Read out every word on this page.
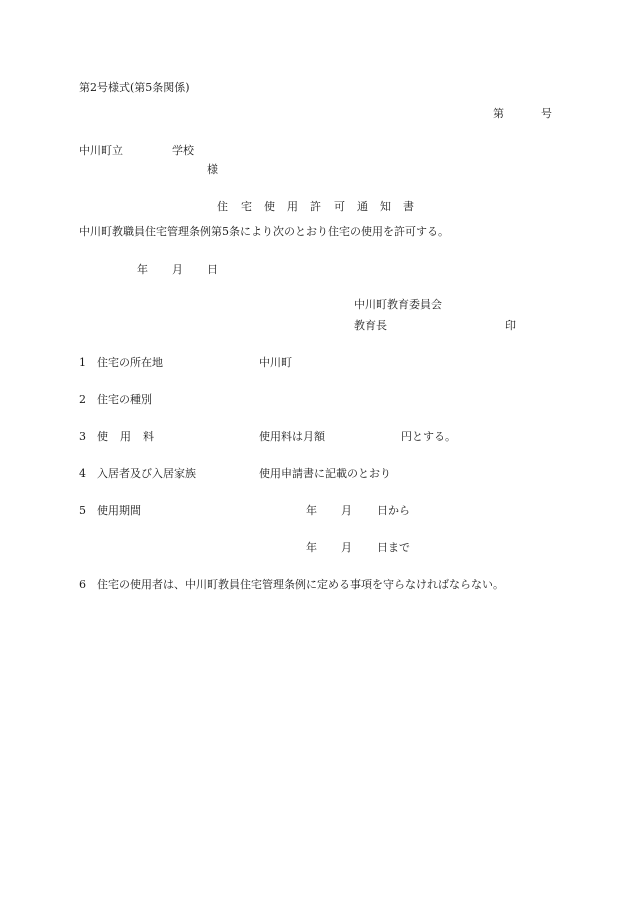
第2号様式(第5条関係)
第	号
中川町立	学校
様
住 宅 使 用 許 可 通 知 書
中川町教職員住宅管理条例第5条により次のとおり住宅の使用を許可する。
年 月 日
中川町教育委員会
教育長	印
1 住宅の所在地	中川町
2 住宅の種別
3 使 用 料	使用料は月額	円とする。
4 入居者及び入居家族	使用申請書に記載のとおり
5 使用期間	年 月 日から
年 月 日まで
6 住宅の使用者は、中川町教員住宅管理条例に定める事項を守らなければならない。
